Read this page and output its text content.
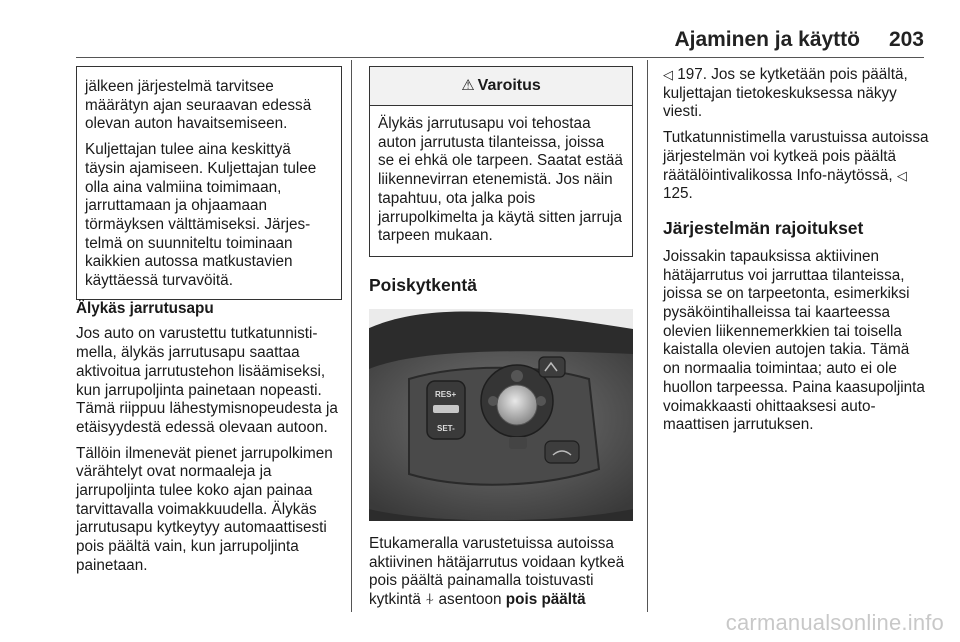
Ajaminen ja käyttö 203

jälkeen järjestelmä tarvitsee määrätyn ajan seuraavan edessä olevan auton havaitsemiseen.

Kuljettajan tulee aina keskittyä täysin ajamiseen. Kuljettajan tulee olla aina valmiina toimimaan, jarruttamaan ja ohjaamaan törmäyksen välttämiseksi. Järjestelmä on suunniteltu toiminaan kaikkien autossa matkustavien käyttäessä turvavöitä.

Älykäs jarrutusapu

Jos auto on varustettu tutkatunnistimella, älykäs jarrutusapu saattaa aktivoitua jarrutustehon lisäämiseksi, kun jarrupoljinta painetaan nopeasti. Tämä riippuu lähestymisnopeudesta ja etäisyydestä edessä olevaan autoon.

Tällöin ilmenevät pienet jarrupolkimen värähtelyt ovat normaaleja ja jarrupoljinta tulee koko ajan painaa tarvittavalla voimakkuudella. Älykäs jarrutusapu kytkeytyy automaattisesti pois päältä vain, kun jarrupoljinta painetaan.

⚠ Varoitus
Älykäs jarrutusapu voi tehostaa auton jarrutusta tilanteissa, joissa se ei ehkä ole tarpeen. Saatat estää liikennevirran etenemistä. Jos näin tapahtuu, ota jalka pois jarrupolkimelta ja käytä sitten jarruja tarpeen mukaan.
Poiskytkentä
RES+
SET-

Etukameralla varustetuissa autoissa aktiivinen hätäjarrutus voidaan kytkeä pois päältä painamalla toistuvasti kytkintä ⍭ asentoon pois päältä

◁ 197. Jos se kytketään pois päältä, kuljettajan tietokeskuksessa näkyy viesti.

Tutkatunnistimella varustuissa autoissa järjestelmän voi kytkeä pois päältä räätälöintivalikossa Info-näytössä, ◁ 125.

Järjestelmän rajoitukset

Joissakin tapauksissa aktiivinen hätäjarrutus voi jarruttaa tilanteissa, joissa se on tarpeetonta, esimerkiksi pysäköintihalleissa tai kaarteessa olevien liikennemerkkien tai toisella kaistalla olevien autojen takia. Tämä on normaalia toimintaa; auto ei ole huollon tarpeessa. Paina kaasupoljinta voimakkaasti ohittaaksesi automaattisen jarrutuksen.

carmanualsonline.info
